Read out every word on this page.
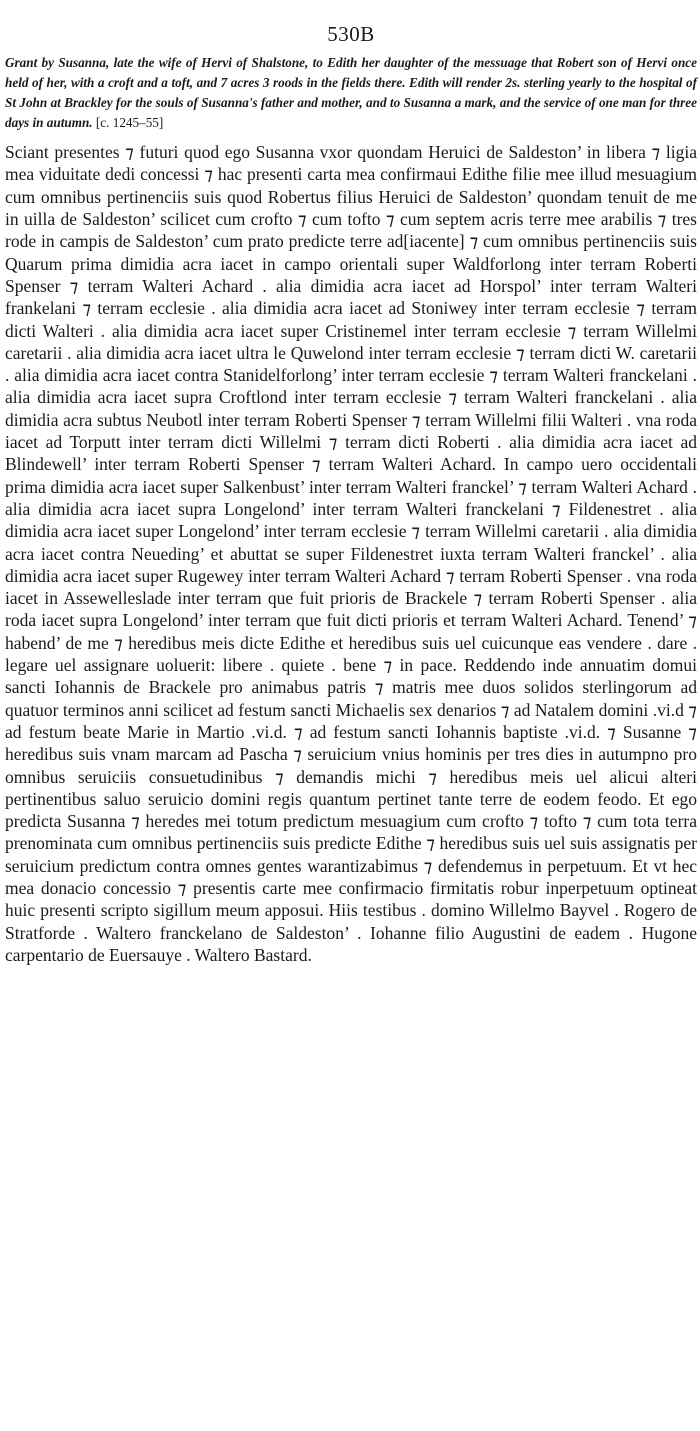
530B
Grant by Susanna, late the wife of Hervi of Shalstone, to Edith her daughter of the messuage that Robert son of Hervi once held of her, with a croft and a toft, and 7 acres 3 roods in the fields there. Edith will render 2s. sterling yearly to the hospital of St John at Brackley for the souls of Susanna's father and mother, and to Susanna a mark, and the service of one man for three days in autumn. [c. 1245–55]

Sciant presentes ⁊ futuri quod ego Susanna vxor quondam Heruici de Saldeston’ in libera ⁊ ligia mea viduitate dedi concessi ⁊ hac presenti carta mea confirmaui Edithe filie mee illud mesuagium cum omnibus pertinenciis suis quod Robertus filius Heruici de Saldeston’ quondam tenuit de me in uilla de Saldeston’ scilicet cum crofto ⁊ cum tofto ⁊ cum septem acris terre mee arabilis ⁊ tres rode in campis de Saldeston’ cum prato predicte terre ad[iacente] ⁊ cum omnibus pertinenciis suis Quarum prima dimidia acra iacet in campo orientali super Waldforlong inter terram Roberti Spenser ⁊ terram Walteri Achard . alia dimidia acra iacet ad Horspol’ inter terram Walteri frankelani ⁊ terram ecclesie . alia dimidia acra iacet ad Stoniwey inter terram ecclesie ⁊ terram dicti Walteri . alia dimidia acra iacet super Cristinemel inter terram ecclesie ⁊ terram Willelmi caretarii . alia dimidia acra iacet ultra le Quwelond inter terram ecclesie ⁊ terram dicti W. caretarii . alia dimidia acra iacet contra Stanidelforlong’ inter terram ecclesie ⁊ terram Walteri franckelani . alia dimidia acra iacet supra Croftlond inter terram ecclesie ⁊ terram Walteri franckelani . alia dimidia acra subtus Neubotl inter terram Roberti Spenser ⁊ terram Willelmi filii Walteri . vna roda iacet ad Torputt inter terram dicti Willelmi ⁊ terram dicti Roberti . alia dimidia acra iacet ad Blindewell’ inter terram Roberti Spenser ⁊ terram Walteri Achard. In campo uero occidentali prima dimidia acra iacet super Salkenbust’ inter terram Walteri franckel’ ⁊ terram Walteri Achard . alia dimidia acra iacet supra Longelond’ inter terram Walteri franckelani ⁊ Fildenestret . alia dimidia acra iacet super Longelond’ inter terram ecclesie ⁊ terram Willelmi caretarii . alia dimidia acra iacet contra Neueding’ et abuttat se super Fildenestret iuxta terram Walteri franckel’ . alia dimidia acra iacet super Rugewey inter terram Walteri Achard ⁊ terram Roberti Spenser . vna roda iacet in Assewelleslade inter terram que fuit prioris de Brackele ⁊ terram Roberti Spenser . alia roda iacet supra Longelond’ inter terram que fuit dicti prioris et terram Walteri Achard. Tenend’ ⁊ habend’ de me ⁊ heredibus meis dicte Edithe et heredibus suis uel cuicunque eas vendere . dare . legare uel assignare uoluerit: libere . quiete . bene ⁊ in pace. Reddendo inde annuatim domui sancti Iohannis de Brackele pro animabus patris ⁊ matris mee duos solidos sterlingorum ad quatuor terminos anni scilicet ad festum sancti Michaelis sex denarios ⁊ ad Natalem domini .vi.d ⁊ ad festum beate Marie in Martio .vi.d. ⁊ ad festum sancti Iohannis baptiste .vi.d. ⁊ Susanne ⁊ heredibus suis vnam marcam ad Pascha ⁊ seruicium vnius hominis per tres dies in autumpno pro omnibus seruiciis consuetudinibus ⁊ demandis michi ⁊ heredibus meis uel alicui alteri pertinentibus saluo seruicio domini regis quantum pertinet tante terre de eodem feodo. Et ego predicta Susanna ⁊ heredes mei totum predictum mesuagium cum crofto ⁊ tofto ⁊ cum tota terra prenominata cum omnibus pertinenciis suis predicte Edithe ⁊ heredibus suis uel suis assignatis per seruicium predictum contra omnes gentes warantizabimus ⁊ defendemus in perpetuum. Et vt hec mea donacio concessio ⁊ presentis carte mee confirmacio firmitatis robur inperpetuum optineat huic presenti scripto sigillum meum apposui. Hiis testibus . domino Willelmo Bayvel . Rogero de Stratforde . Waltero franckelano de Saldeston’ . Iohanne filio Augustini de eadem . Hugone carpentario de Euersauye . Waltero Bastard.
